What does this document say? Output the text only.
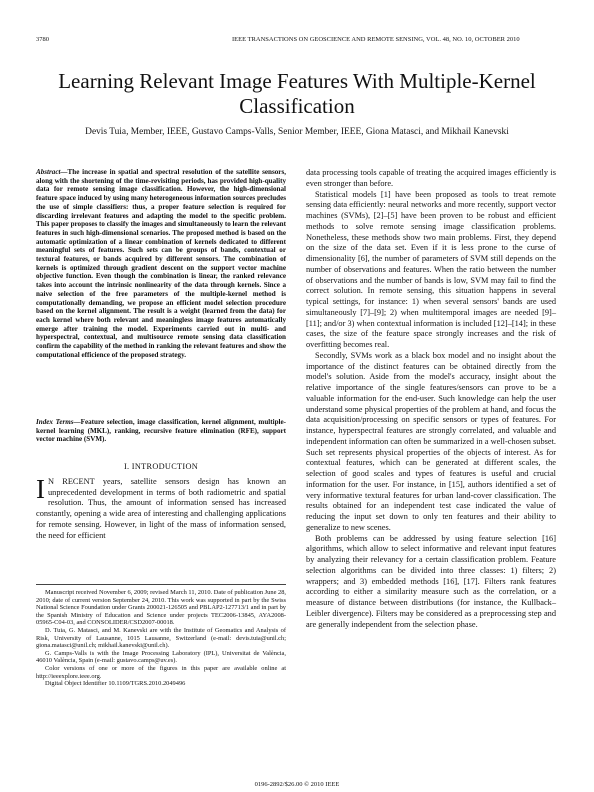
3780	IEEE TRANSACTIONS ON GEOSCIENCE AND REMOTE SENSING, VOL. 48, NO. 10, OCTOBER 2010
Learning Relevant Image Features With Multiple-Kernel Classification
Devis Tuia, Member, IEEE, Gustavo Camps-Valls, Senior Member, IEEE, Giona Matasci, and Mikhail Kanevski
Abstract—The increase in spatial and spectral resolution of the satellite sensors, along with the shortening of the time-revisiting periods, has provided high-quality data for remote sensing image classification. However, the high-dimensional feature space induced by using many heterogeneous information sources precludes the use of simple classifiers: thus, a proper feature selection is required for discarding irrelevant features and adapting the model to the specific problem. This paper proposes to classify the images and simultaneously to learn the relevant features in such high-dimensional scenarios. The proposed method is based on the automatic optimization of a linear combination of kernels dedicated to different meaningful sets of features. Such sets can be groups of bands, contextual or textural features, or bands acquired by different sensors. The combination of kernels is optimized through gradient descent on the support vector machine objective function. Even though the combination is linear, the ranked relevance takes into account the intrinsic nonlinearity of the data through kernels. Since a naive selection of the free parameters of the multiple-kernel method is computationally demanding, we propose an efficient model selection procedure based on the kernel alignment. The result is a weight (learned from the data) for each kernel where both relevant and meaningless image features automatically emerge after training the model. Experiments carried out in multi- and hyperspectral, contextual, and multisource remote sensing data classification confirm the capability of the method in ranking the relevant features and show the computational efficience of the proposed strategy.
Index Terms—Feature selection, image classification, kernel alignment, multiple-kernel learning (MKL), ranking, recursive feature elimination (RFE), support vector machine (SVM).
I. INTRODUCTION
I N RECENT years, satellite sensors design has known an unprecedented development in terms of both radiometric and spatial resolution. Thus, the amount of information sensed has increased constantly, opening a wide area of interesting and challenging applications for remote sensing. However, in light of the mass of information sensed, the need for efficient

Manuscript received November 6, 2009; revised March 11, 2010. Date of publication June 28, 2010; date of current version September 24, 2010. This work was supported in part by the Swiss National Science Foundation under Grants 200021-126505 and PBLAP2-127713/1 and in part by the Spanish Ministry of Education and Science under projects TEC2006-13845, AYA2008-05965-C04-03, and CONSOLIDER/CSD2007-00018.

D. Tuia, G. Matasci, and M. Kanevski are with the Institute of Geomatics and Analysis of Risk, University of Lausanne, 1015 Lausanne, Switzerland (e-mail: devis.tuia@unil.ch; giona.matasci@unil.ch; mikhail.kanevski@unil.ch).

G. Camps-Valls is with the Image Processing Laboratory (IPL), Universitat de València, 46010 València, Spain (e-mail: gustavo.camps@uv.es).

Color versions of one or more of the figures in this paper are available online at http://ieeexplore.ieee.org.

Digital Object Identifier 10.1109/TGRS.2010.2049496

data processing tools capable of treating the acquired images efficiently is even stronger than before.

Statistical models [1] have been proposed as tools to treat remote sensing data efficiently: neural networks and more recently, support vector machines (SVMs), [2]–[5] have been proven to be robust and efficient methods to solve remote sensing image classification problems. Nonetheless, these methods show two main problems. First, they depend on the size of the data set. Even if it is less prone to the curse of dimensionality [6], the number of parameters of SVM still depends on the number of observations and features. When the ratio between the number of observations and the number of bands is low, SVM may fail to find the correct solution. In remote sensing, this situation happens in several typical settings, for instance: 1) when several sensors' bands are used simultaneously [7]–[9]; 2) when multitemporal images are needed [9]–[11]; and/or 3) when contextual information is included [12]–[14]; in these cases, the size of the feature space strongly increases and the risk of overfitting becomes real.

Secondly, SVMs work as a black box model and no insight about the importance of the distinct features can be obtained directly from the model's solution. Aside from the model's accuracy, insight about the relative importance of the single features/sensors can prove to be a valuable information for the end-user. Such knowledge can help the user understand some physical properties of the problem at hand, and focus the data acquisition/processing on specific sensors or types of features. For instance, hyperspectral features are strongly correlated, and valuable and independent information can often be summarized in a well-chosen subset. Such set represents physical properties of the objects of interest. As for contextual features, which can be generated at different scales, the selection of good scales and types of features is useful and crucial information for the user. For instance, in [15], authors identified a set of very informative textural features for urban land-cover classification. The results obtained for an independent test case indicated the value of reducing the input set down to only ten features and their ability to generalize to new scenes.

Both problems can be addressed by using feature selection [16] algorithms, which allow to select informative and relevant input features by analyzing their relevancy for a certain classification problem. Feature selection algorithms can be divided into three classes: 1) filters; 2) wrappers; and 3) embedded methods [16], [17]. Filters rank features according to either a similarity measure such as the correlation, or a measure of distance between distributions (for instance, the Kullback–Leibler divergence). Filters may be considered as a preprocessing step and are generally independent from the selection phase.

0196-2892/$26.00 © 2010 IEEE
